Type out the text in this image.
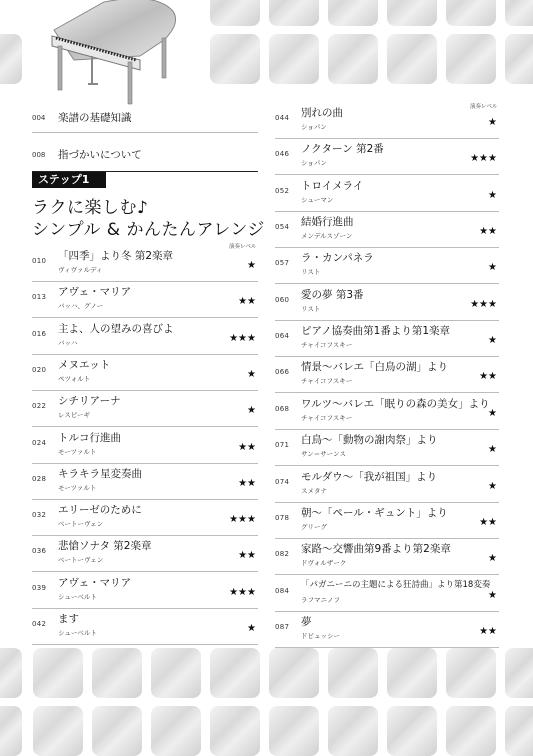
004 楽譜の基礎知識
008 指づかいについて
ステップ1
ラクに楽しむ♪
シンプル & かんたんアレンジ
演奏レベル
演奏レベル
010 「四季」より冬 第2楽章
ヴィヴァルディ	★
013 アヴェ・マリア
バッハ、グノー	★★
016 主よ、人の望みの喜びよ
バッハ	★★★
020 メヌエット
ペツォルト	★
022 シチリアーナ
レスピーギ	★
024 トルコ行進曲
モーツァルト	★★
028 キラキラ星変奏曲
モーツァルト	★★
032 エリーゼのために
ベートーヴェン	★★★
036 悲愴ソナタ 第2楽章
ベートーヴェン	★★
039 アヴェ・マリア
シューベルト	★★★
042 ます
シューベルト	★
044 別れの曲
ショパン	★
046 ノクターン 第2番
ショパン	★★★
052 トロイメライ
シューマン	★
054 結婚行進曲
メンデルスゾーン	★★
057 ラ・カンパネラ
リスト	★
060 愛の夢 第3番
リスト	★★★
064 ピアノ協奏曲第1番より第1楽章
チャイコフスキー	★
066 情景～バレエ「白鳥の湖」より
チャイコフスキー	★★
068 ワルツ～バレエ「眠りの森の美女」より
チャイコフスキー	★
071 白鳥～「動物の謝肉祭」より
サン＝サーンス	★
074 モルダウ～「我が祖国」より
スメタナ	★
078 朝～「ペール・ギュント」より
グリーグ	★★
082 家路～交響曲第9番より第2楽章
ドヴォルザーク	★
084
「パガニーニの主題による狂詩曲」より第18変奏
ラフマニノフ	★
087 夢
ドビュッシー	★★
